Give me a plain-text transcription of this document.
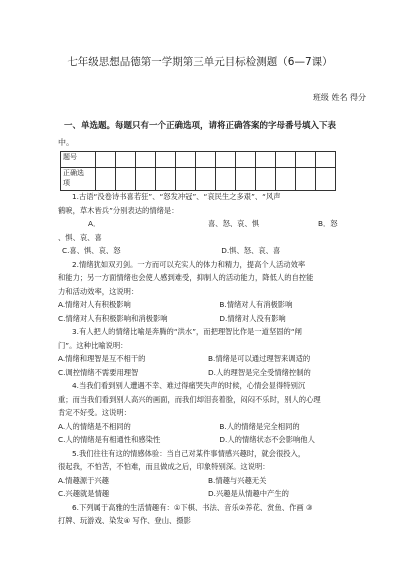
七年级思想品德第一学期第三单元目标检测题（6—7课）
班级 姓名 得分
一、单选题。每题只有一个正确选项，请将正确答案的字母番号填入下表
中。
题号												

正确选
项												

1.古语“没卷诗书喜若狂”、“怒发冲冠”、“哀民生之多艰”、“风声

鹤唳，草木皆兵”分别表达的情绪是：

A．	喜、怒、哀、惧	B．怒

、惧、哀、喜

C.喜、惧、哀、怒	D.惧、怒、哀、喜

2.情绪犹如双刃剑。一方而可以充实人的体力和精力，提高个人活动效率

和能力；另一方面情绪也会使人感到难受，抑制人的活动能力，降低人的自控能

力和活动效率，这说明：

A.情绪对人有积极影响	B.情绪对人有消极影响

C.情绪对人有积极影响和消极影响	D.情绪对人没有影响

3.有人把人的情绪比喻是奔腾的“洪水”，而把理智比作是一道坚固的“闸

门”。这种比喻说明：

A.情绪和理智是互不相干的	B.情绪是可以通过理智来调适的

C.调控情绪不需要用理智	D.人的理智是完全受情绪控制的

4.当我们看到别人遭遇不幸、难过得痛哭失声的时候，心情会显得特别沉

重；而当我们看到别人高兴的画面，而我们却泪丧着脸，闷闷不乐时，别人的心理

肯定不好受。这说明：

A.人的情绪是不相同的	B.人的情绪是完全相同的

C.人的情绪是有相通性和感染性	D.人的情绪状态不会影响他人

5.我们往往有这的情感体验：当自己对某件事情感兴趣时，就会很投入，

很起我，不怕苦，不怕难，而且做成之后，印象特别深。这说明：

A.情趣源于兴趣	B.情趣与兴趣无关

C.兴趣就是情趣	D.兴趣是从情趣中产生的

6.下列属于高雅的生活情趣有：①下棋、书法、音乐②养花、赏鱼、作画 ③

打牌、玩游戏、染发④ 写作、登山、摄影
